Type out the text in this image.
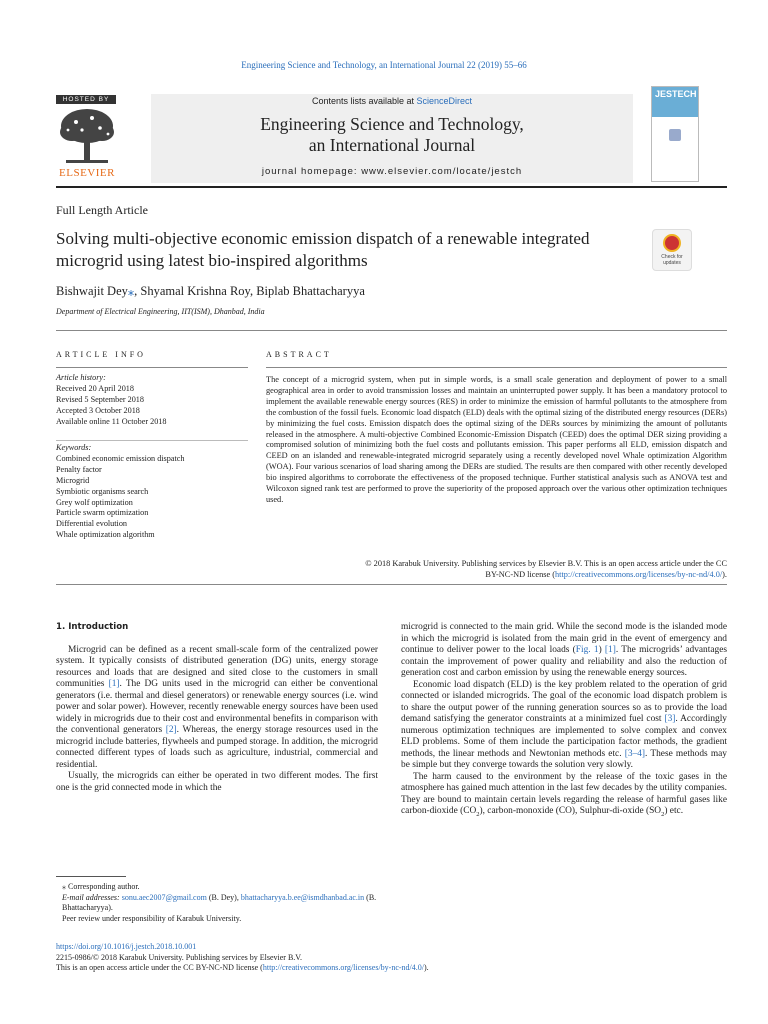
Engineering Science and Technology, an International Journal 22 (2019) 55–66
HOSTED BY
ELSEVIER
Contents lists available at ScienceDirect
Engineering Science and Technology,
an International Journal
journal homepage: www.elsevier.com/locate/jestch
JESTECH
Full Length Article
Solving multi-objective economic emission dispatch of a renewable integrated microgrid using latest bio-inspired algorithms	Check for updates
Bishwajit Dey⁎, Shyamal Krishna Roy, Biplab Bhattacharyya
Department of Electrical Engineering, IIT(ISM), Dhanbad, India
ARTICLE INFO	ABSTRACT
Article history:
Received 20 April 2018
Revised 5 September 2018
Accepted 3 October 2018
Available online 11 October 2018
Keywords:
Combined economic emission dispatch
Penalty factor
Microgrid
Symbiotic organisms search
Grey wolf optimization
Particle swarm optimization
Differential evolution
Whale optimization algorithm
The concept of a microgrid system, when put in simple words, is a small scale generation and deployment of power to a small geographical area in order to avoid transmission losses and maintain an uninterrupted power supply. It has been a mandatory protocol to implement the available renewable energy sources (RES) in order to minimize the emission of harmful pollutants to the atmosphere from the combustion of the fossil fuels. Economic load dispatch (ELD) deals with the optimal sizing of the distributed energy resources (DERs) by minimizing the fuel costs. Emission dispatch does the optimal sizing of the DERs sources by minimizing the amount of pollutants released in the atmosphere. A multi-objective Combined Economic-Emission Dispatch (CEED) does the optimal DER sizing providing a compromised solution of minimizing both the fuel costs and pollutants emission. This paper performs all ELD, emission dispatch and CEED on an islanded and renewable-integrated microgrid separately using a recently developed novel Whale optimization Algorithm (WOA). Four various scenarios of load sharing among the DERs are studied. The results are then compared with other recently developed bio inspired algorithms to corroborate the effectiveness of the proposed technique. Further statistical analysis such as ANOVA test and Wilcoxon signed rank test are performed to prove the superiority of the proposed approach over the various other optimization techniques used.
© 2018 Karabuk University. Publishing services by Elsevier B.V. This is an open access article under the CC
BY-NC-ND license (http://creativecommons.org/licenses/by-nc-nd/4.0/).
1. Introduction

Microgrid can be defined as a recent small-scale form of the centralized power system. It typically consists of distributed generation (DG) units, energy storage resources and loads that are designed and sited close to the customers in small communities [1]. The DG units used in the microgrid can either be conventional generators (i.e. thermal and diesel generators) or renewable energy sources (i.e. wind power and solar power). However, recently renewable energy sources have been used widely in microgrids due to their cost and environmental benefits in comparison with the conventional generators [2]. Whereas, the energy storage resources used in the microgrid include batteries, flywheels and pumped storage. In addition, the microgrid connected different types of loads such as agriculture, industrial, commercial and residential.

Usually, the microgrids can either be operated in two different modes. The first one is the grid connected mode in which the

microgrid is connected to the main grid. While the second mode is the islanded mode in which the microgrid is isolated from the main grid in the event of emergency and continue to deliver power to the local loads (Fig. 1) [1]. The microgrids’ advantages contain the improvement of power quality and reliability and also the reduction of generation cost and carbon emission by using the renewable energy sources.

Economic load dispatch (ELD) is the key problem related to the operation of grid connected or islanded microgrids. The goal of the economic load dispatch problem is to share the output power of the running generation sources so as to provide the load demand satisfying the generator constraints at a minimized fuel cost [3]. Accordingly numerous optimization techniques are implemented to solve complex and convex ELD problems. Some of them include the participation factor methods, the gradient methods, the linear methods and Newtonian methods etc. [3–4]. These methods may be simple but they converge towards the solution very slowly.

The harm caused to the environment by the release of the toxic gases in the atmosphere has gained much attention in the last few decades by the utility companies. They are bound to maintain certain levels regarding the release of harmful gases like carbon-dioxide $(CO_2)$, carbon-monoxide (CO), Sulphur-di-oxide $(SO_2)$ etc.

⁎ Corresponding author.
E-mail addresses: sonu.aec2007@gmail.com (B. Dey), bhattacharyya.b.ee@ismdhanbad.ac.in (B. Bhattacharyya).
Peer review under responsibility of Karabuk University.
https://doi.org/10.1016/j.jestch.2018.10.001
2215-0986/© 2018 Karabuk University. Publishing services by Elsevier B.V.
This is an open access article under the CC BY-NC-ND license (http://creativecommons.org/licenses/by-nc-nd/4.0/).
